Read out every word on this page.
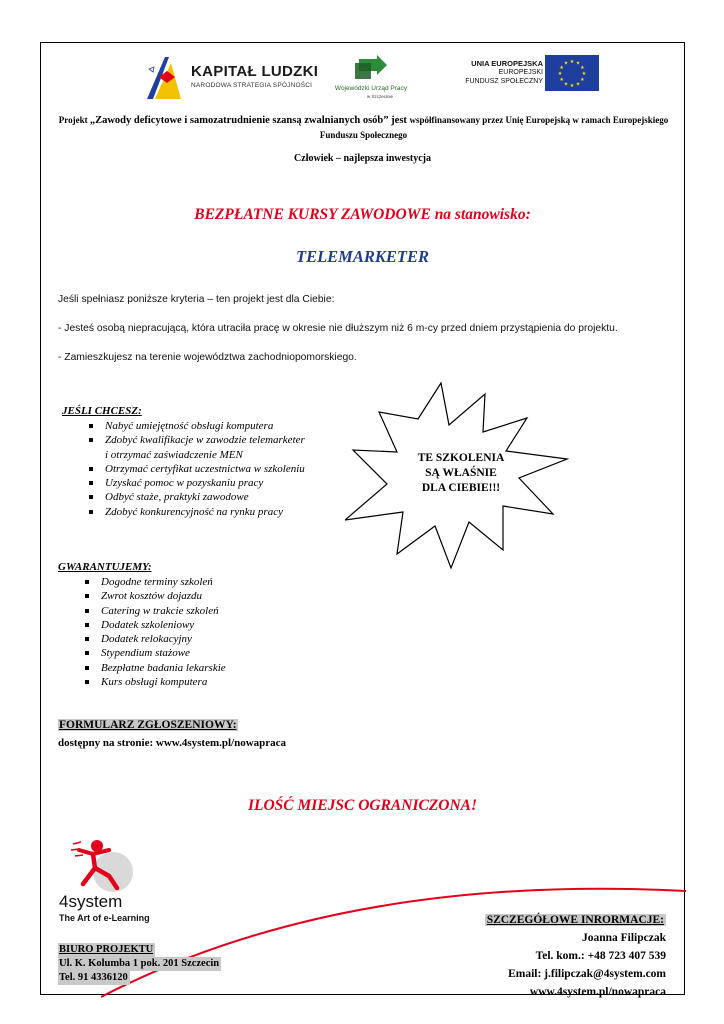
KAPITAŁ LUDZKI
NARODOWA STRATEGIA SPÓJNOŚCI	Wojewódzki Urząd Pracy
w Szczecinie
UNIA EUROPEJSKA
EUROPEJSKI
FUNDUSZ SPOŁECZNY
★ ★
★
★
★
★
★
★
★
★
★
★
Projekt „Zawody deficytowe i samozatrudnienie szansą zwalnianych osób” jest współfinansowany przez Unię Europejską w ramach Europejskiego Funduszu Społecznego
Człowiek – najlepsza inwestycja
BEZPŁATNE KURSY ZAWODOWE na stanowisko:
TELEMARKETER
Jeśli spełniasz poniższe kryteria – ten projekt jest dla Ciebie:
- Jesteś osobą niepracującą, która utraciła pracę w okresie nie dłuższym niż 6 m-cy przed dniem przystąpienia do projektu.
- Zamieszkujesz na terenie województwa zachodniopomorskiego.
JEŚLI CHCESZ:
Nabyć umiejętność obsługi komputera
Zdobyć kwalifikacje w zawodzie telemarketer
i otrzymać zaświadczenie MEN
Otrzymać certyfikat uczestnictwa w szkoleniu
Uzyskać pomoc w pozyskaniu pracy
Odbyć staże, praktyki zawodowe
Zdobyć konkurencyjność na rynku pracy
TE SZKOLENIA
SĄ WŁAŚNIE
DLA CIEBIE!!!
GWARANTUJEMY:
Dogodne terminy szkoleń
Zwrot kosztów dojazdu
Catering w trakcie szkoleń
Dodatek szkoleniowy
Dodatek relokacyjny
Stypendium stażowe
Bezpłatne badania lekarskie
Kurs obsługi komputera
FORMULARZ ZGŁOSZENIOWY:
dostępny na stronie: www.4system.pl/nowapraca
ILOŚĆ MIEJSC OGRANICZONA!
4system
The Art of e-Learning
BIURO PROJEKTU
Ul. K. Kolumba 1 pok. 201 Szczecin
Tel. 91 4336120
SZCZEGÓŁOWE INRORMACJE:
Joanna Filipczak
Tel. kom.: +48 723 407 539
Email: j.filipczak@4system.com
www.4system.pl/nowapraca
